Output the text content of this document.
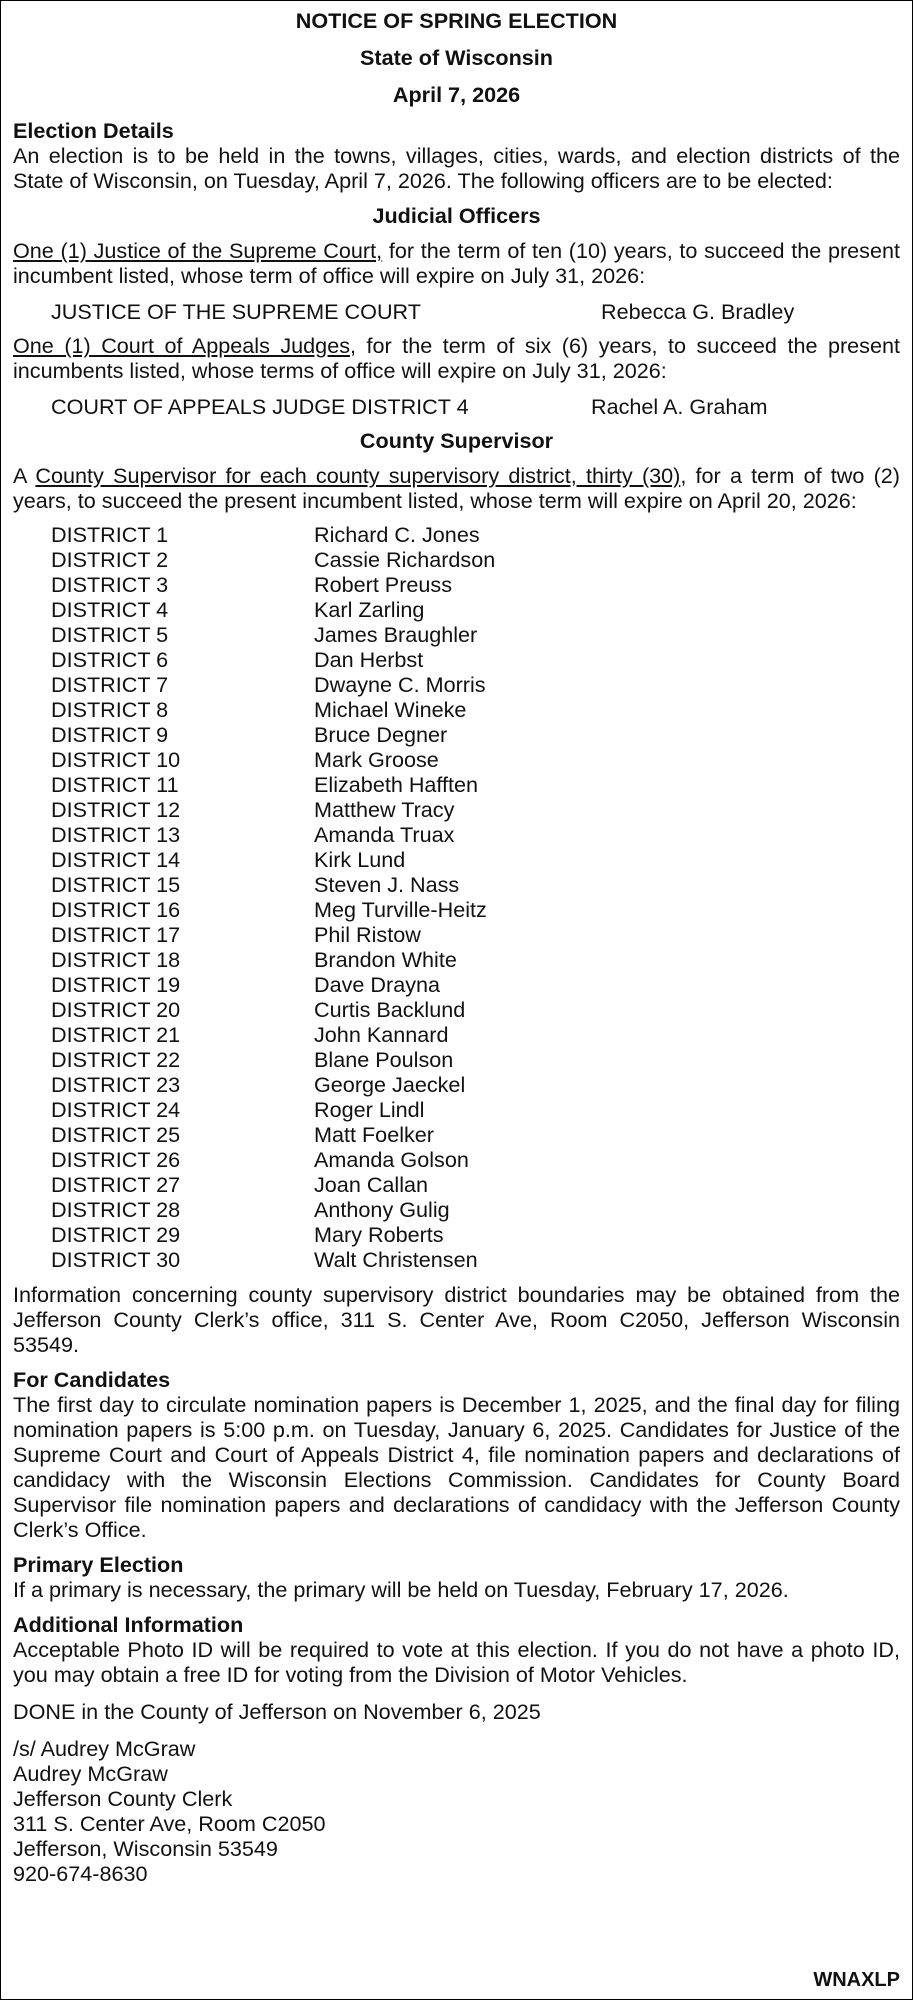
NOTICE OF SPRING ELECTION
State of Wisconsin
April 7, 2026
Election Details

An election is to be held in the towns, villages, cities, wards, and election districts of the State of Wisconsin, on Tuesday, April 7, 2026. The following officers are to be elected:

Judicial Officers

One (1) Justice of the Supreme Court, for the term of ten (10) years, to succeed the present incumbent listed, whose term of office will expire on July 31, 2026:

JUSTICE OF THE SUPREME COURT	Rebecca G. Bradley

One (1) Court of Appeals Judges, for the term of six (6) years, to succeed the present incumbents listed, whose terms of office will expire on July 31, 2026:

COURT OF APPEALS JUDGE DISTRICT 4	Rachel A. Graham
County Supervisor

A County Supervisor for each county supervisory district, thirty (30), for a term of two (2) years, to succeed the present incumbent listed, whose term will expire on April 20, 2026:

DISTRICT 1	Richard C. Jones
DISTRICT 2	Cassie Richardson
DISTRICT 3	Robert Preuss
DISTRICT 4	Karl Zarling
DISTRICT 5	James Braughler
DISTRICT 6	Dan Herbst
DISTRICT 7	Dwayne C. Morris
DISTRICT 8	Michael Wineke
DISTRICT 9	Bruce Degner
DISTRICT 10	Mark Groose
DISTRICT 11	Elizabeth Hafften
DISTRICT 12	Matthew Tracy
DISTRICT 13	Amanda Truax
DISTRICT 14	Kirk Lund
DISTRICT 15	Steven J. Nass
DISTRICT 16	Meg Turville-Heitz
DISTRICT 17	Phil Ristow
DISTRICT 18	Brandon White
DISTRICT 19	Dave Drayna
DISTRICT 20	Curtis Backlund
DISTRICT 21	John Kannard
DISTRICT 22	Blane Poulson
DISTRICT 23	George Jaeckel
DISTRICT 24	Roger Lindl
DISTRICT 25	Matt Foelker
DISTRICT 26	Amanda Golson
DISTRICT 27	Joan Callan
DISTRICT 28	Anthony Gulig
DISTRICT 29	Mary Roberts
DISTRICT 30	Walt Christensen

Information concerning county supervisory district boundaries may be obtained from the Jefferson County Clerk’s office, 311 S. Center Ave, Room C2050, Jefferson Wisconsin 53549.

For Candidates

The first day to circulate nomination papers is December 1, 2025, and the final day for filing nomination papers is 5:00 p.m. on Tuesday, January 6, 2025. Candidates for Justice of the Supreme Court and Court of Appeals District 4, file nomination papers and declarations of candidacy with the Wisconsin Elections Commission. Candidates for County Board Supervisor file nomination papers and declarations of candidacy with the Jefferson County Clerk’s Office.

Primary Election

If a primary is necessary, the primary will be held on Tuesday, February 17, 2026.

Additional Information

Acceptable Photo ID will be required to vote at this election. If you do not have a photo ID, you may obtain a free ID for voting from the Division of Motor Vehicles.

DONE in the County of Jefferson on November 6, 2025

/s/ Audrey McGraw
Audrey McGraw
Jefferson County Clerk
311 S. Center Ave, Room C2050
Jefferson, Wisconsin 53549
920-674-8630
WNAXLP
